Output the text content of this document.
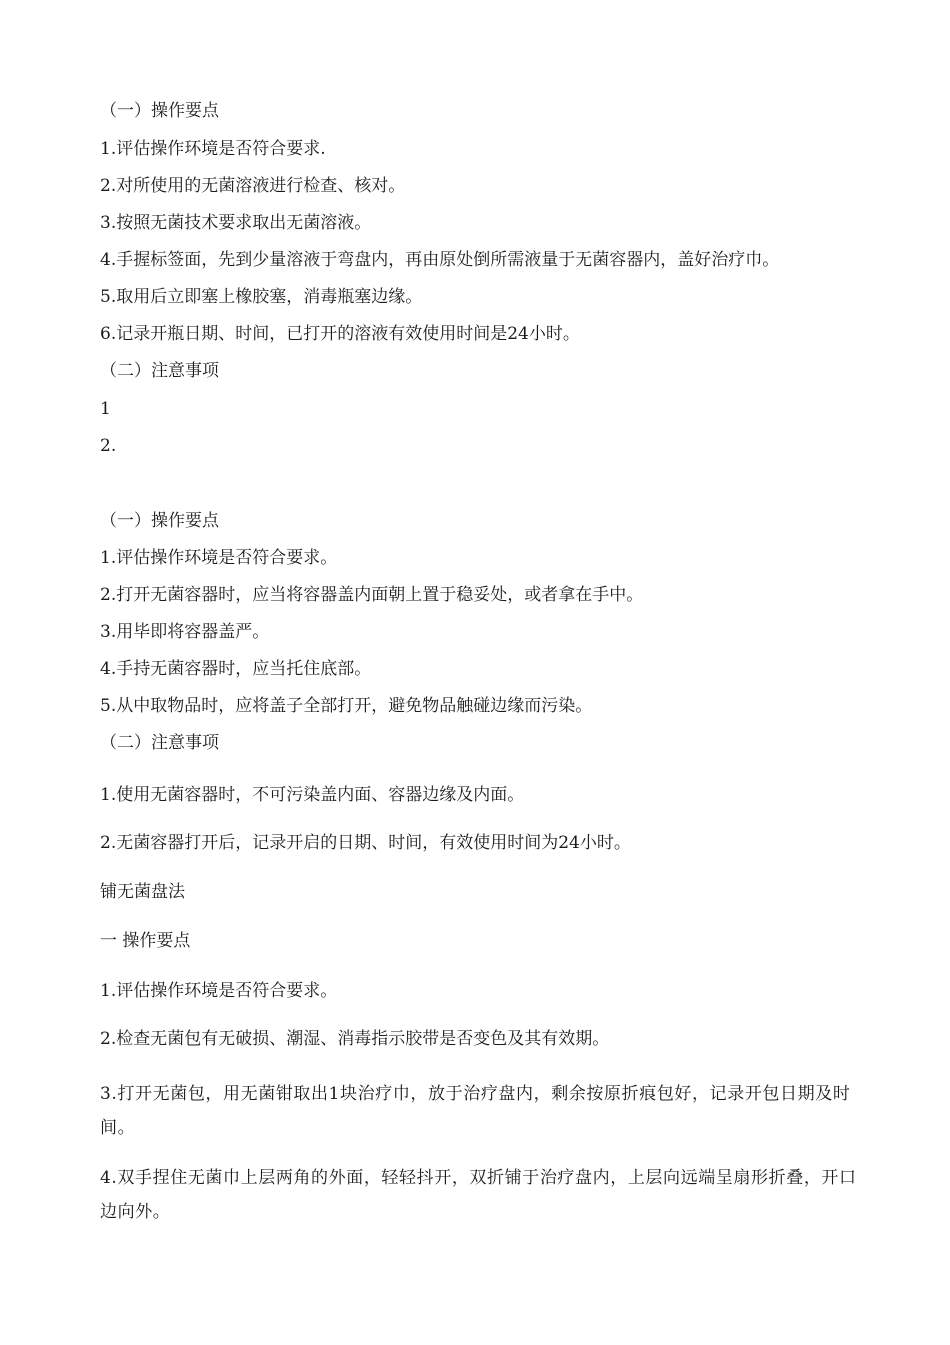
（一）操作要点
1.评估操作环境是否符合要求.
2.对所使用的无菌溶液进行检查、核对。
3.按照无菌技术要求取出无菌溶液。
4.手握标签面，先到少量溶液于弯盘内，再由原处倒所需液量于无菌容器内，盖好治疗巾。
5.取用后立即塞上橡胶塞，消毒瓶塞边缘。
6.记录开瓶日期、时间，已打开的溶液有效使用时间是24小时。
（二）注意事项
1
2.
（一）操作要点
1.评估操作环境是否符合要求。
2.打开无菌容器时，应当将容器盖内面朝上置于稳妥处，或者拿在手中。
3.用毕即将容器盖严。
4.手持无菌容器时，应当托住底部。
5.从中取物品时，应将盖子全部打开，避免物品触碰边缘而污染。
（二）注意事项
1.使用无菌容器时，不可污染盖内面、容器边缘及内面。
2.无菌容器打开后，记录开启的日期、时间，有效使用时间为24小时。
铺无菌盘法
一 操作要点
1.评估操作环境是否符合要求。
2.检查无菌包有无破损、潮湿、消毒指示胶带是否变色及其有效期。
3.打开无菌包，用无菌钳取出1块治疗巾，放于治疗盘内，剩余按原折痕包好，记录开包日期及时间。
4.双手捏住无菌巾上层两角的外面，轻轻抖开，双折铺于治疗盘内，上层向远端呈扇形折叠，开口边向外。
